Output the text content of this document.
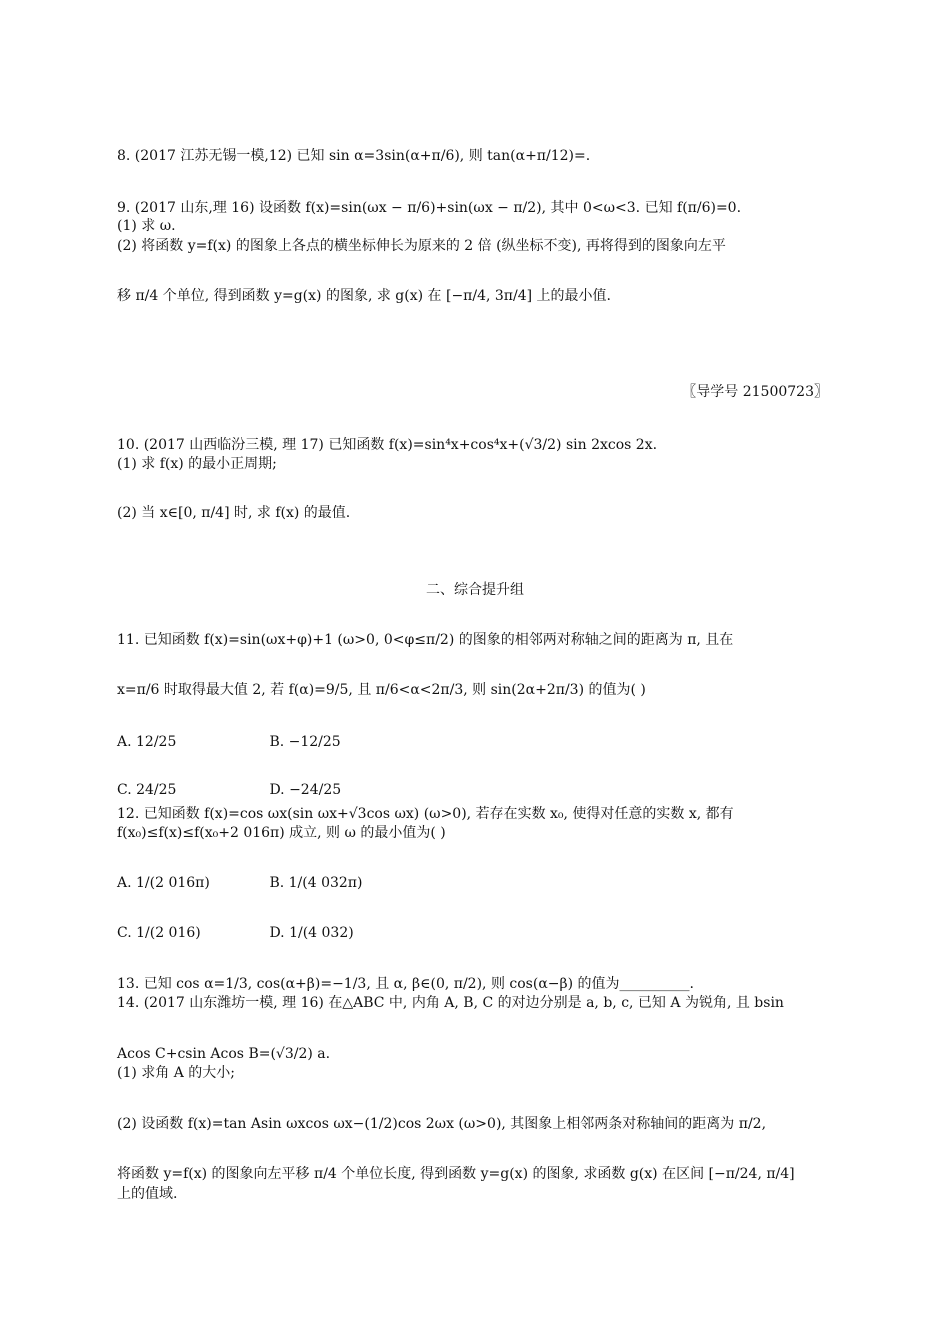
8. (2017 江苏无锡一模,12) 已知 sin α=3sin(α+π/6), 则 tan(α+π/12)=.
9. (2017 山东,理 16) 设函数 f(x)=sin(ωx − π/6)+sin(ωx − π/2), 其中 0<ω<3. 已知 f(π/6)=0.
(1) 求 ω.
(2) 将函数 y=f(x) 的图象上各点的横坐标伸长为原来的 2 倍 (纵坐标不变), 再将得到的图象向左平
移 π/4 个单位, 得到函数 y=g(x) 的图象, 求 g(x) 在 [−π/4, 3π/4] 上的最小值.
〖导学号 21500723〗
10. (2017 山西临汾三模, 理 17) 已知函数 f(x)=sin⁴x+cos⁴x+(√3/2) sin 2xcos 2x.
(1) 求 f(x) 的最小正周期;
(2) 当 x∈[0, π/4] 时, 求 f(x) 的最值.
二、综合提升组
11. 已知函数 f(x)=sin(ωx+φ)+1 (ω>0, 0<φ≤π/2) 的图象的相邻两对称轴之间的距离为 π, 且在
x=π/6 时取得最大值 2, 若 f(α)=9/5, 且 π/6<α<2π/3, 则 sin(2α+2π/3) 的值为( )
A. 12/25	B. −12/25
C. 24/25	D. −24/25
12. 已知函数 f(x)=cos ωx(sin ωx+√3cos ωx) (ω>0), 若存在实数 x₀, 使得对任意的实数 x, 都有
f(x₀)≤f(x)≤f(x₀+2 016π) 成立, 则 ω 的最小值为( )
A. 1/(2 016π)	B. 1/(4 032π)
C. 1/(2 016)	D. 1/(4 032)
13. 已知 cos α=1/3, cos(α+β)=−1/3, 且 α, β∈(0, π/2), 则 cos(α−β) 的值为__________.
14. (2017 山东潍坊一模, 理 16) 在△ABC 中, 内角 A, B, C 的对边分别是 a, b, c, 已知 A 为锐角, 且 bsin
Acos C+csin Acos B=(√3/2) a.
(1) 求角 A 的大小;
(2) 设函数 f(x)=tan Asin ωxcos ωx−(1/2)cos 2ωx (ω>0), 其图象上相邻两条对称轴间的距离为 π/2,
将函数 y=f(x) 的图象向左平移 π/4 个单位长度, 得到函数 y=g(x) 的图象, 求函数 g(x) 在区间 [−π/24, π/4]
上的值域.
